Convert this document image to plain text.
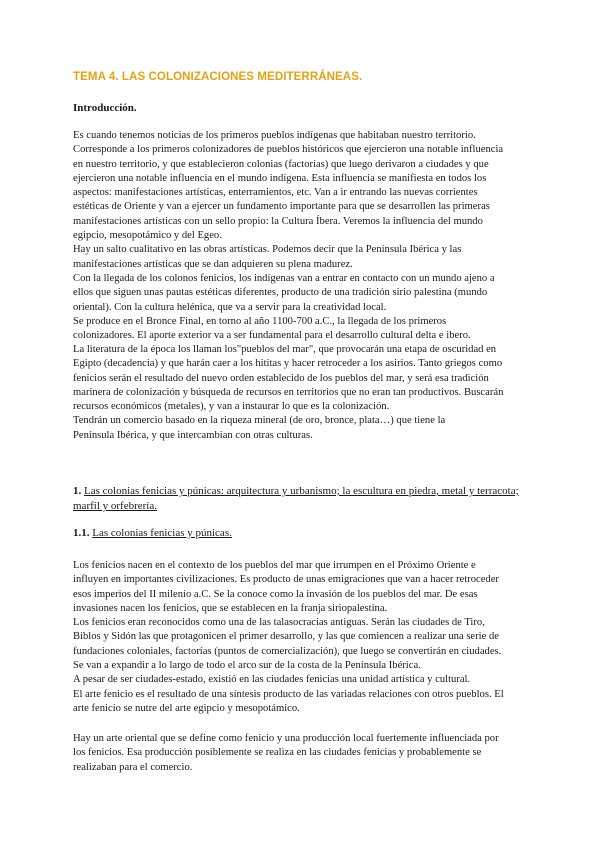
TEMA 4. LAS COLONIZACIONES MEDITERRÁNEAS.
Introducción.
Es cuando tenemos noticias de los primeros pueblos indígenas que habitaban nuestro territorio.
Corresponde a los primeros colonizadores de pueblos históricos que ejercieron una notable influencia
en nuestro territorio, y que establecieron colonias (factorías) que luego derivaron a ciudades y que
ejercieron una notable influencia en el mundo indígena. Esta influencia se manifiesta en todos los
aspectos: manifestaciones artísticas, enterramientos, etc. Van a ir entrando las nuevas corrientes
estéticas de Oriente y van a ejercer un fundamento importante para que se desarrollen las primeras
manifestaciones artísticas con un sello propio: la Cultura Íbera. Veremos la influencia del mundo
egipcio, mesopotámico y del Egeo.
Hay un salto cualitativo en las obras artísticas. Podemos decir que la Península Ibérica y las
manifestaciones artísticas que se dan adquieren su plena madurez.
Con la llegada de los colonos fenicios, los indígenas van a entrar en contacto con un mundo ajeno a
ellos que siguen unas pautas estéticas diferentes, producto de una tradición sirio palestina (mundo
oriental). Con la cultura helénica, que va a servir para la creatividad local.
Se produce en el Bronce Final, en torno al año 1100-700 a.C., la llegada de los primeros
colonizadores. El aporte exterior va a ser fundamental para el desarrollo cultural delta e ibero.
La literatura de la época los llaman los"pueblos del mar", que provocarán una etapa de oscuridad en
Egipto (decadencia) y que harán caer a los hititas y hacer retroceder a los asirios. Tanto griegos como
fenicios serán el resultado del nuevo orden establecido de los pueblos del mar, y será esa tradición
marinera de colonización y búsqueda de recursos en territorios que no eran tan productivos. Buscarán
recursos económicos (metales), y van a instaurar lo que es la colonización.
Tendrán un comercio basado en la riqueza mineral (de oro, bronce, plata…) que tiene la
Península Ibérica, y que intercambian con otras culturas.
1. Las colonias fenicias y púnicas: arquitectura y urbanismo; la escultura en piedra, metal y terracota;
marfil y orfebrería.
1.1. Las colonias fenicias y púnicas.
Los fenicios nacen en el contexto de los pueblos del mar que irrumpen en el Próximo Oriente e
influyen en importantes civilizaciones. Es producto de unas emigraciones que van a hacer retroceder
esos imperios del II milenio a.C. Se la conoce como la invasión de los pueblos del mar. De esas
invasiones nacen los fenicios, que se establecen en la franja siriopalestina.
Los fenicios eran reconocidos como una de las talasocracias antiguas. Serán las ciudades de Tiro,
Biblos y Sidón las que protagonicen el primer desarrollo, y las que comiencen a realizar una serie de
fundaciones coloniales, factorías (puntos de comercialización), que luego se convertirán en ciudades.
Se van a expandir a lo largo de todo el arco sur de la costa de la Península Ibérica.
A pesar de ser ciudades-estado, existió en las ciudades fenicias una unidad artística y cultural.
El arte fenicio es el resultado de una síntesis producto de las variadas relaciones con otros pueblos. El
arte fenicio se nutre del arte egipcio y mesopotámico.
Hay un arte oriental que se define como fenicio y una producción local fuertemente influenciada por
los fenicios. Esa producción posiblemente se realiza en las ciudades fenicias y probablemente se
realizaban para el comercio.
